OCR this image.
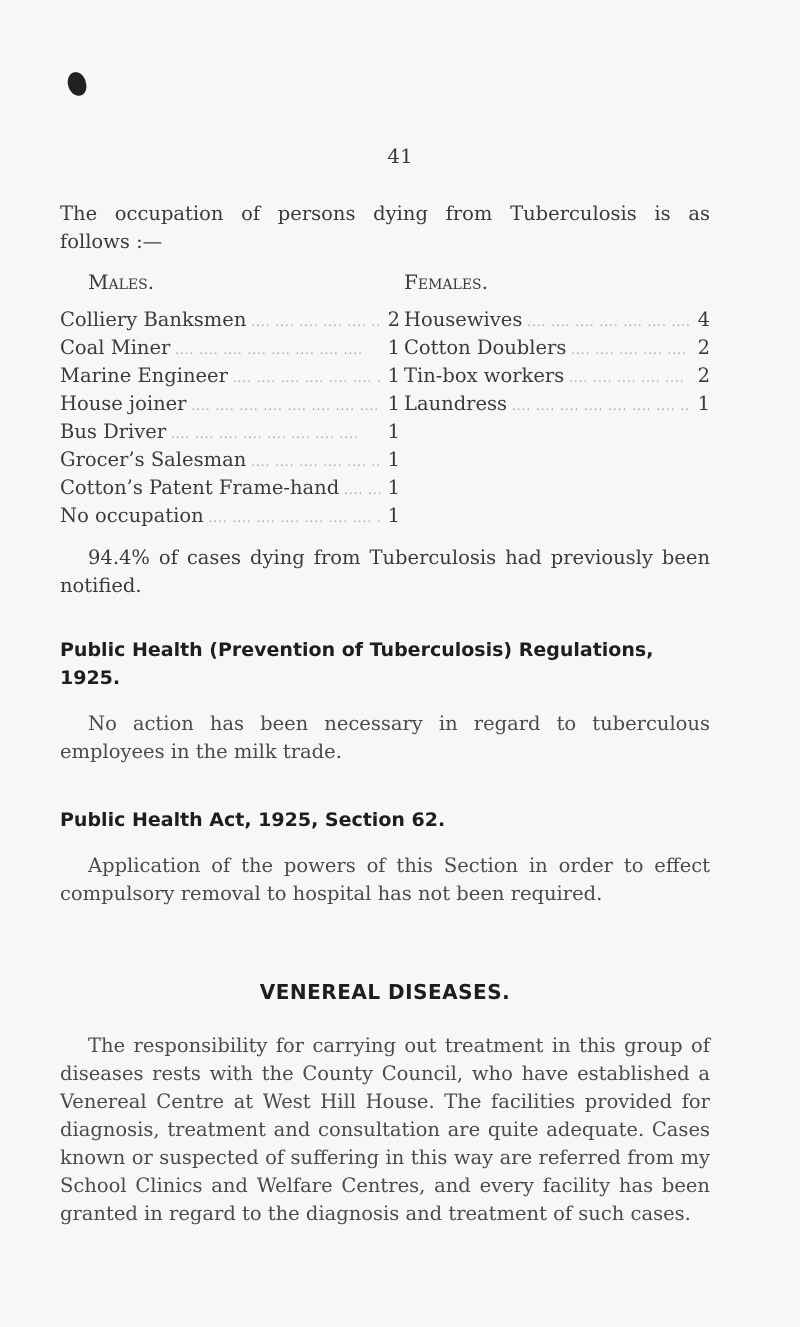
41

The occupation of persons dying from Tuberculosis is as

follows :—

Males.
Colliery Banksmen ....	2
Coal Miner ....	1
Marine Engineer ....	1
House joiner ....	1
Bus Driver ....	1
Grocer’s Salesman ....	1
Cotton’s Patent Frame-hand ....	1
No occupation ....	1
Females.
Housewives ....	4
Cotton Doublers ....	2
Tin-box workers ....	2
Laundress ....	1

94.4% of cases dying from Tuberculosis had previously been notified.

Public Health (Prevention of Tuberculosis) Regulations, 1925.

No action has been necessary in regard to tuberculous employees in the milk trade.

Public Health Act, 1925, Section 62.

Application of the powers of this Section in order to effect compulsory removal to hospital has not been required.

VENEREAL DISEASES.

The responsibility for carrying out treatment in this group of diseases rests with the County Council, who have established a Venereal Centre at West Hill House. The facilities provided for diagnosis, treatment and consultation are quite adequate. Cases known or suspected of suffering in this way are referred from my School Clinics and Welfare Centres, and every facility has been granted in regard to the diagnosis and treatment of such cases.
